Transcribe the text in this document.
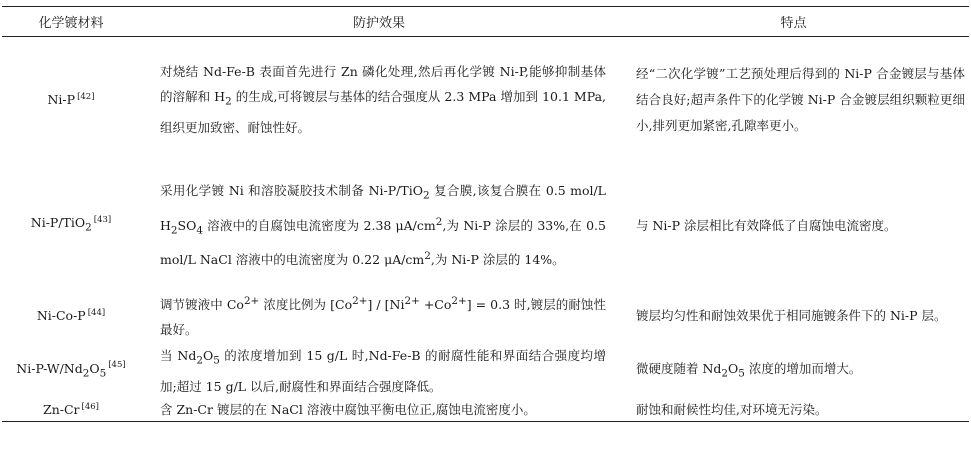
化学镀材料	防护效果	特点
Ni-P [42]	对烧结 Nd-Fe-B 表面首先进行 Zn 磷化处理,然后再化学镀 Ni-P,能够抑制基体的溶解和 $H_2$ 的生成,可将镀层与基体的结合强度从 2.3 MPa 增加到 10.1 MPa,组织更加致密、耐蚀性好。	经“二次化学镀”工艺预处理后得到的 Ni-P 合金镀层与基体结合良好;超声条件下的化学镀 Ni-P 合金镀层组织颗粒更细小,排列更加紧密,孔隙率更小。
Ni-P/TiO$_2$[43]	采用化学镀 Ni 和溶胶凝胶技术制备 Ni-P/TiO$_2$ 复合膜,该复合膜在 0.5 mol/L $H_2SO_4$ 溶液中的自腐蚀电流密度为 2.38 $\mu A/cm^2$,为 Ni-P 涂层的 33%,在 0.5 mol/L NaCl 溶液中的电流密度为 0.22 $\mu A/cm^2$,为 Ni-P 涂层的 14%。	与 Ni-P 涂层相比有效降低了自腐蚀电流密度。
Ni-Co-P [44]	调节镀液中 $Co^{2+}$ 浓度比例为 $[Co^{2+}] / [Ni^{2+} +Co^{2+}] = 0.3$ 时,镀层的耐蚀性最好。	镀层均匀性和耐蚀效果优于相同施镀条件下的 Ni-P 层。
$Ni-P-W/Nd_2O_5[45]$	当 $Nd_2O_5$ 的浓度增加到 15 g/L 时,Nd-Fe-B 的耐腐性能和界面结合强度均增加;超过 15 g/L 以后,耐腐性和界面结合强度降低。	微硬度随着 $Nd_2O_5$ 浓度的增加而增大。
Zn-Cr [46]	含 Zn-Cr 镀层的在 NaCl 溶液中腐蚀平衡电位正,腐蚀电流密度小。	耐蚀和耐候性均佳,对环境无污染。
